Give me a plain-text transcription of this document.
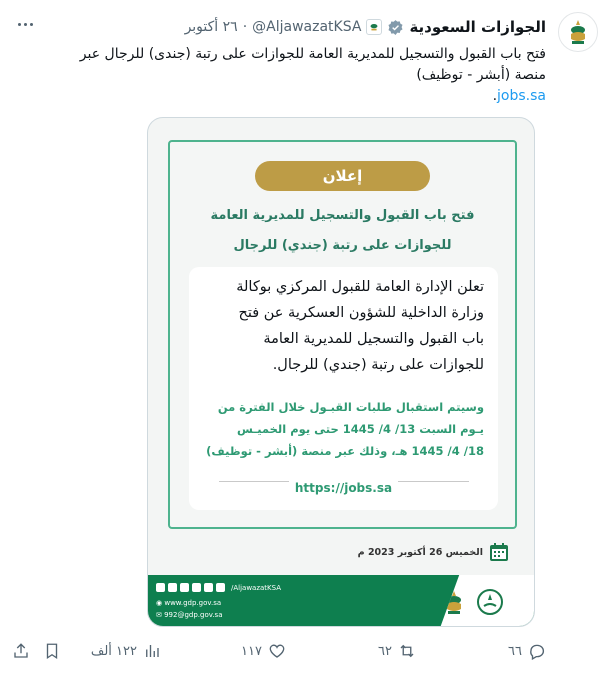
الجوازات السعودية
@AljawazatKSA
·
٢٦ أكتوبر
فتح باب القبول والتسجيل للمديرية العامة للجوازات على رتبة (جندى) للرجال عبر منصة (أبشر - توظيف)
jobs.sa.
إعلان
فتح باب القبول والتسجيل للمديرية العامة
للجوازات على رتبة (جندي) للرجال
تعلن الإدارة العامة للقبول المركزي بوكالة
وزارة الداخلية للشؤون العسكرية عن فتح
باب القبول والتسجيل للمديرية العامة
للجوازات على رتبة (جندي) للرجال.
وسيتم استقبال طلبات القبـول خلال الفترة من
يـوم السبت 13/ 4/ 1445 حتى يوم الخميـس
18/ 4/ 1445 هـ، وذلك عبر منصة (أبشر - توظيف)
https://jobs.sa
الخميس 26 أكتوبر 2023 م
/AljawazatKSA
◉ www.gdp.gov.sa
✉ 992@gdp.gov.sa
٦٦
٦٢
١١٧
١٢٢ ألف
